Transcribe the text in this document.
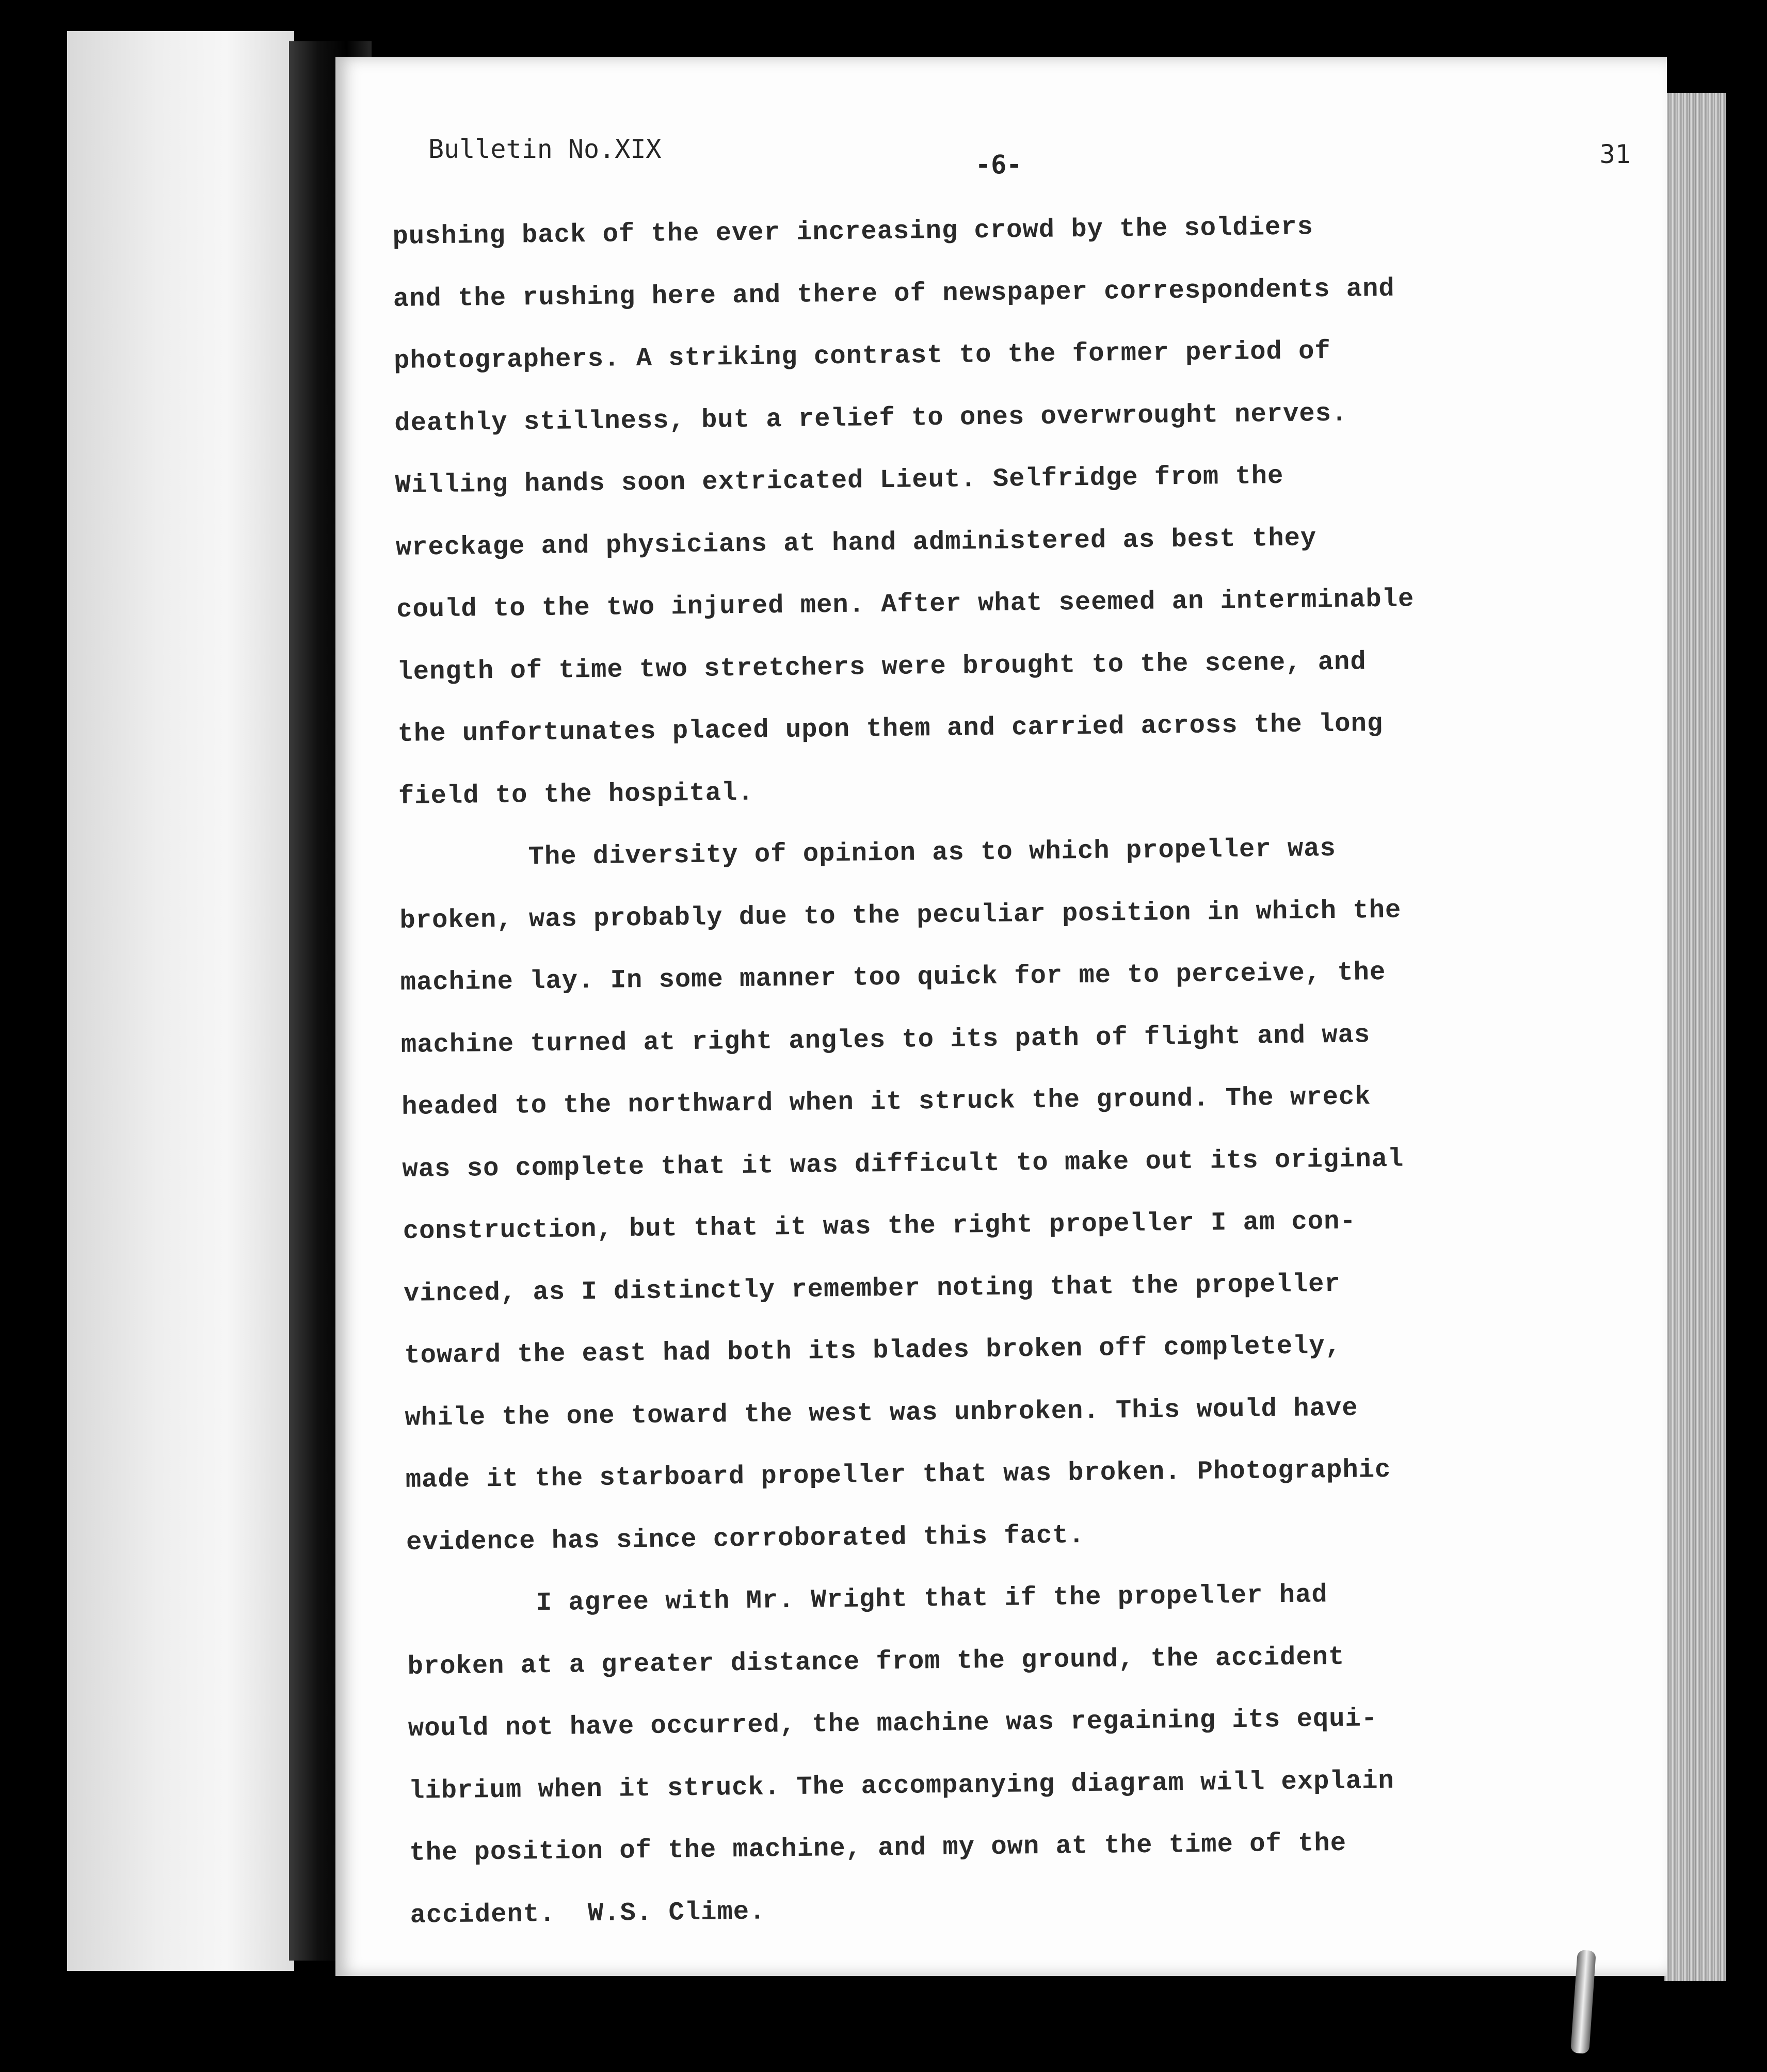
Bulletin No.XIX
-6-	31
pushing back of the ever increasing crowd by the soldiers
and the rushing here and there of newspaper correspondents and
photographers. A striking contrast to the former period of
deathly stillness, but a relief to ones overwrought nerves.
Willing hands soon extricated Lieut. Selfridge from the
wreckage and physicians at hand administered as best they
could to the two injured men. After what seemed an interminable
length of time two stretchers were brought to the scene, and
the unfortunates placed upon them and carried across the long
field to the hospital.
The diversity of opinion as to which propeller was
broken, was probably due to the peculiar position in which the
machine lay. In some manner too quick for me to perceive, the
machine turned at right angles to its path of flight and was
headed to the northward when it struck the ground. The wreck
was so complete that it was difficult to make out its original
construction, but that it was the right propeller I am con-
vinced, as I distinctly remember noting that the propeller
toward the east had both its blades broken off completely,
while the one toward the west was unbroken. This would have
made it the starboard propeller that was broken. Photographic
evidence has since corroborated this fact.
I agree with Mr. Wright that if the propeller had
broken at a greater distance from the ground, the accident
would not have occurred, the machine was regaining its equi-
librium when it struck. The accompanying diagram will explain
the position of the machine, and my own at the time of the
accident.  W.S. Clime.
